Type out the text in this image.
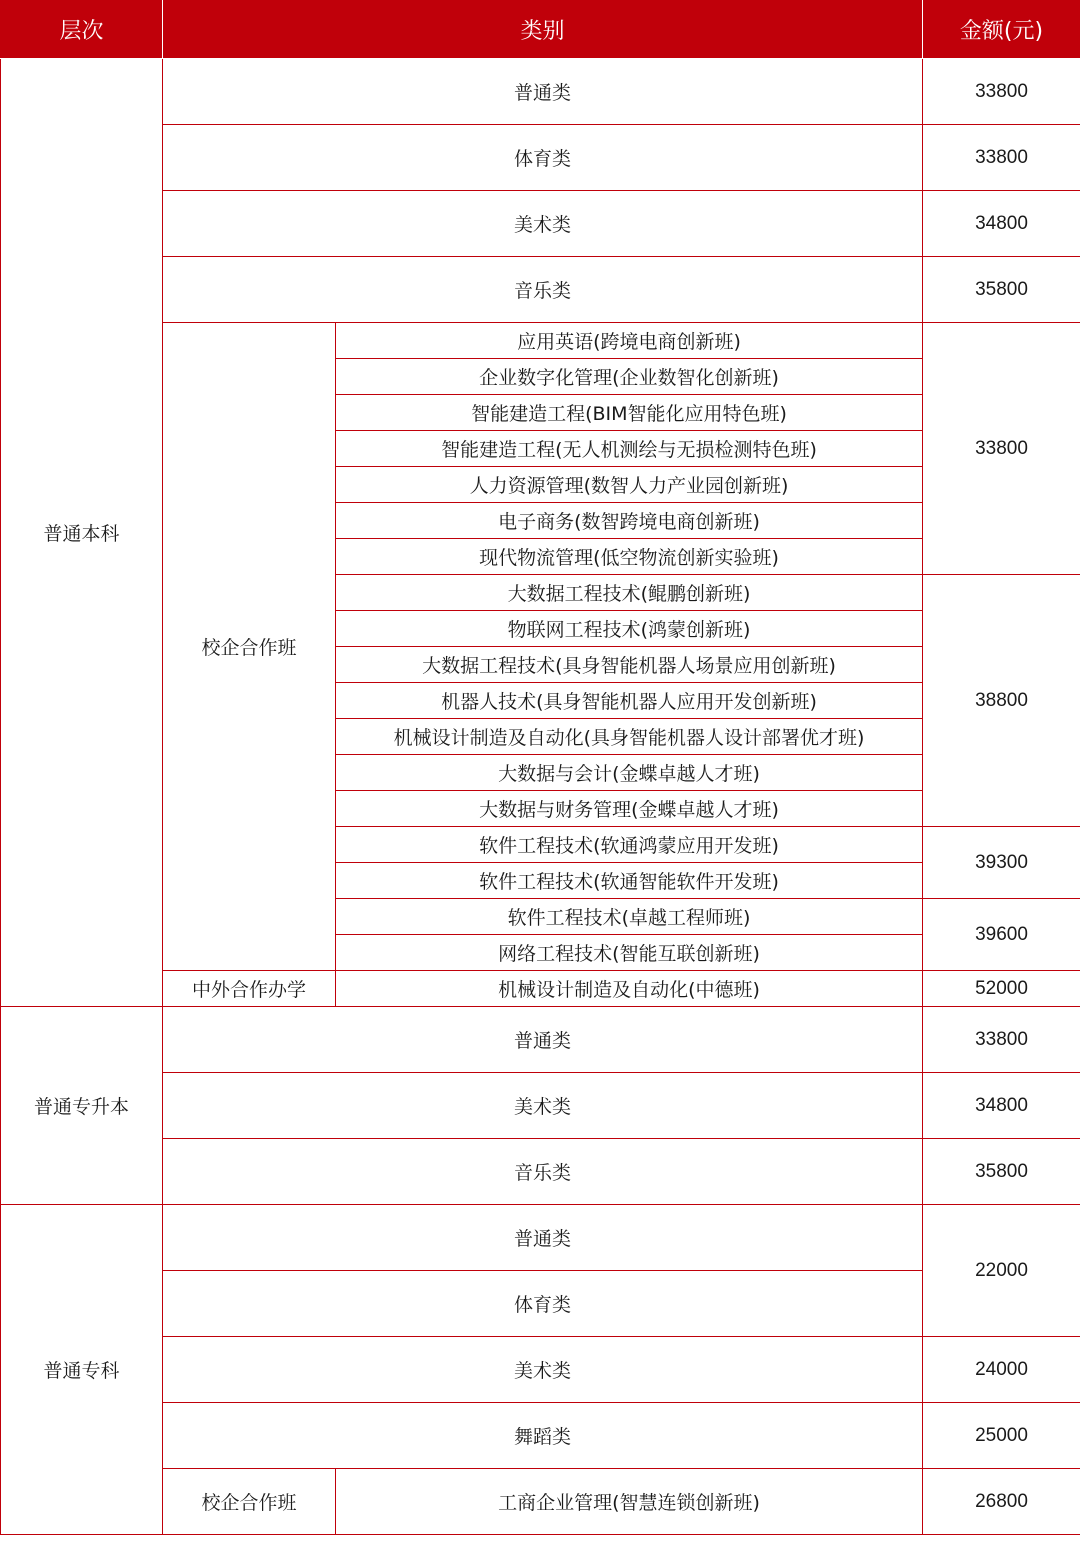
层次	类别		金额(元)
普通本科	普通类		33800
	体育类		33800
	美术类		34800
	音乐类		35800
	校企合作班	应用英语(跨境电商创新班)	33800
		企业数字化管理(企业数智化创新班)	
		智能建造工程(BIM智能化应用特色班)	
		智能建造工程(无人机测绘与无损检测特色班)	
		人力资源管理(数智人力产业园创新班)	
		电子商务(数智跨境电商创新班)	
		现代物流管理(低空物流创新实验班)	
		大数据工程技术(鲲鹏创新班)	38800
		物联网工程技术(鸿蒙创新班)	
		大数据工程技术(具身智能机器人场景应用创新班)	
		机器人技术(具身智能机器人应用开发创新班)	
		机械设计制造及自动化(具身智能机器人设计部署优才班)	
		大数据与会计(金蝶卓越人才班)	
		大数据与财务管理(金蝶卓越人才班)	
		软件工程技术(软通鸿蒙应用开发班)	39300
		软件工程技术(软通智能软件开发班)	
		软件工程技术(卓越工程师班)	39600
		网络工程技术(智能互联创新班)	
	中外合作办学	机械设计制造及自动化(中德班)	52000
普通专升本	普通类		33800
	美术类		34800
	音乐类		35800
普通专科	普通类		22000
	体育类		
	美术类		24000
	舞蹈类		25000
	校企合作班	工商企业管理(智慧连锁创新班)	26800
